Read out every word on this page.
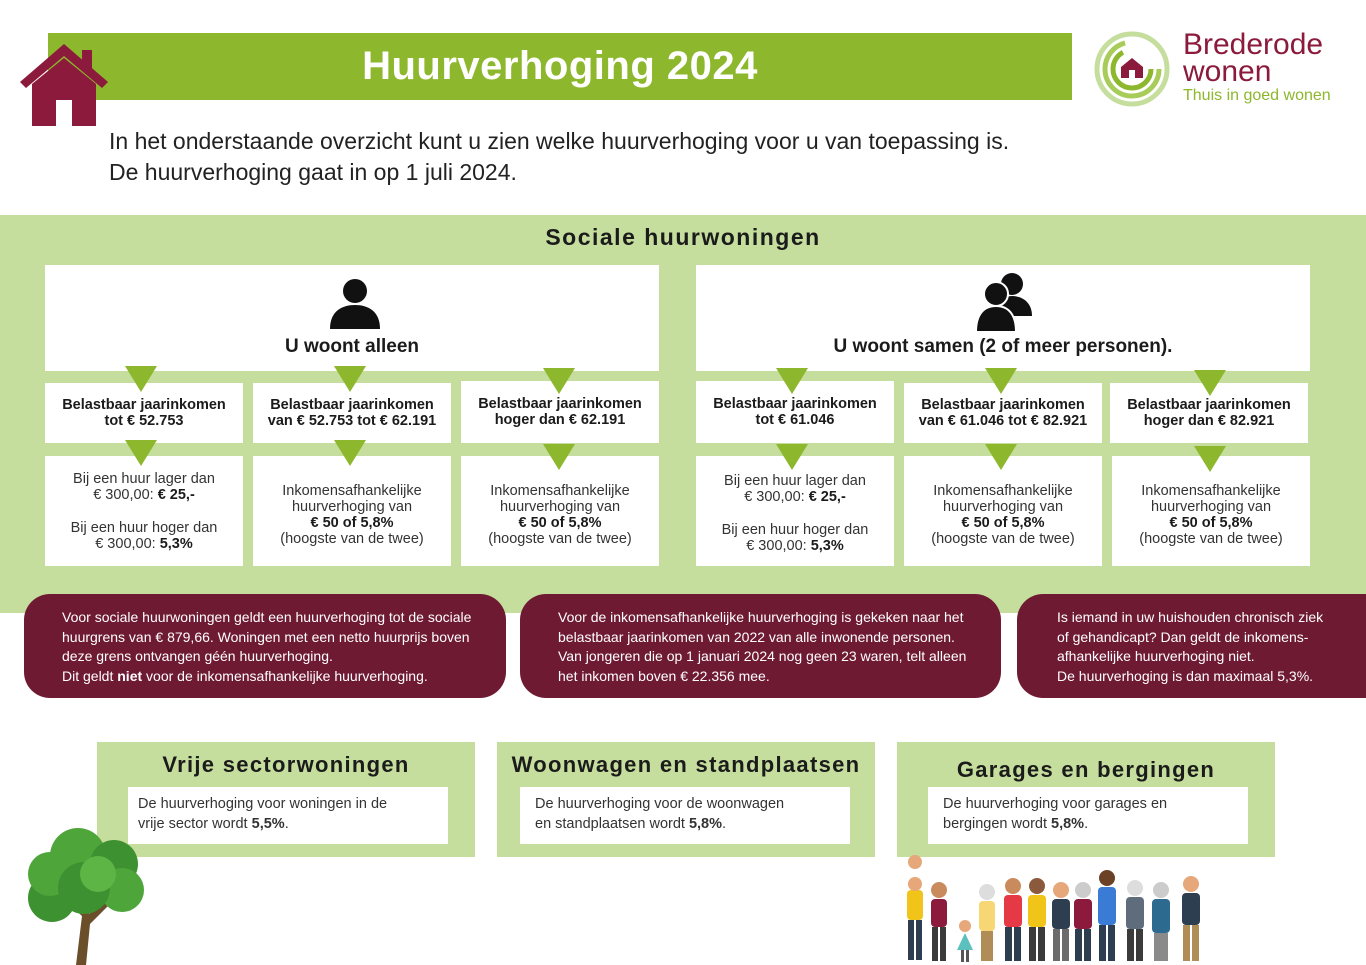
Huurverhoging 2024	Brederode
wonen
Thuis in goed wonen
In het onderstaande overzicht kunt u zien welke huurverhoging voor u van toepassing is.
De huurverhoging gaat in op 1 juli 2024.
Sociale huurwoningen
U woont alleen	U woont samen (2 of meer personen).
Belastbaar jaarinkomen
tot € 52.753
Belastbaar jaarinkomen
van € 52.753 tot € 62.191
Belastbaar jaarinkomen
hoger dan € 62.191
Bij een huur lager dan
€ 300,00: € 25,-
Bij een huur hoger dan
€ 300,00: 5,3%
Inkomensafhankelijke
huurverhoging van
€ 50 of 5,8%
(hoogste van de twee)
Inkomensafhankelijke
huurverhoging van
€ 50 of 5,8%
(hoogste van de twee)
Belastbaar jaarinkomen
tot € 61.046
Belastbaar jaarinkomen
van € 61.046 tot € 82.921
Belastbaar jaarinkomen
hoger dan € 82.921
Bij een huur lager dan
€ 300,00: € 25,-
Bij een huur hoger dan
€ 300,00: 5,3%
Inkomensafhankelijke
huurverhoging van
€ 50 of 5,8%
(hoogste van de twee)
Inkomensafhankelijke
huurverhoging van
€ 50 of 5,8%
(hoogste van de twee)
Voor sociale huurwoningen geldt een huurverhoging tot de sociale
huurgrens van € 879,66. Woningen met een netto huurprijs boven
deze grens ontvangen géén huurverhoging.
Dit geldt niet voor de inkomensafhankelijke huurverhoging.
Voor de inkomensafhankelijke huurverhoging is gekeken naar het
belastbaar jaarinkomen van 2022 van alle inwonende personen.
Van jongeren die op 1 januari 2024 nog geen 23 waren, telt alleen
het inkomen boven € 22.356 mee.
Is iemand in uw huishouden chronisch ziek
of gehandicapt? Dan geldt de inkomens-
afhankelijke huurverhoging niet.
De huurverhoging is dan maximaal 5,3%.
Vrije sectorwoningen
De huurverhoging voor woningen in de
vrije sector wordt 5,5%.
Woonwagen en standplaatsen
De huurverhoging voor de woonwagen
en standplaatsen wordt 5,8%.
Garages en bergingen
De huurverhoging voor garages en
bergingen wordt 5,8%.
